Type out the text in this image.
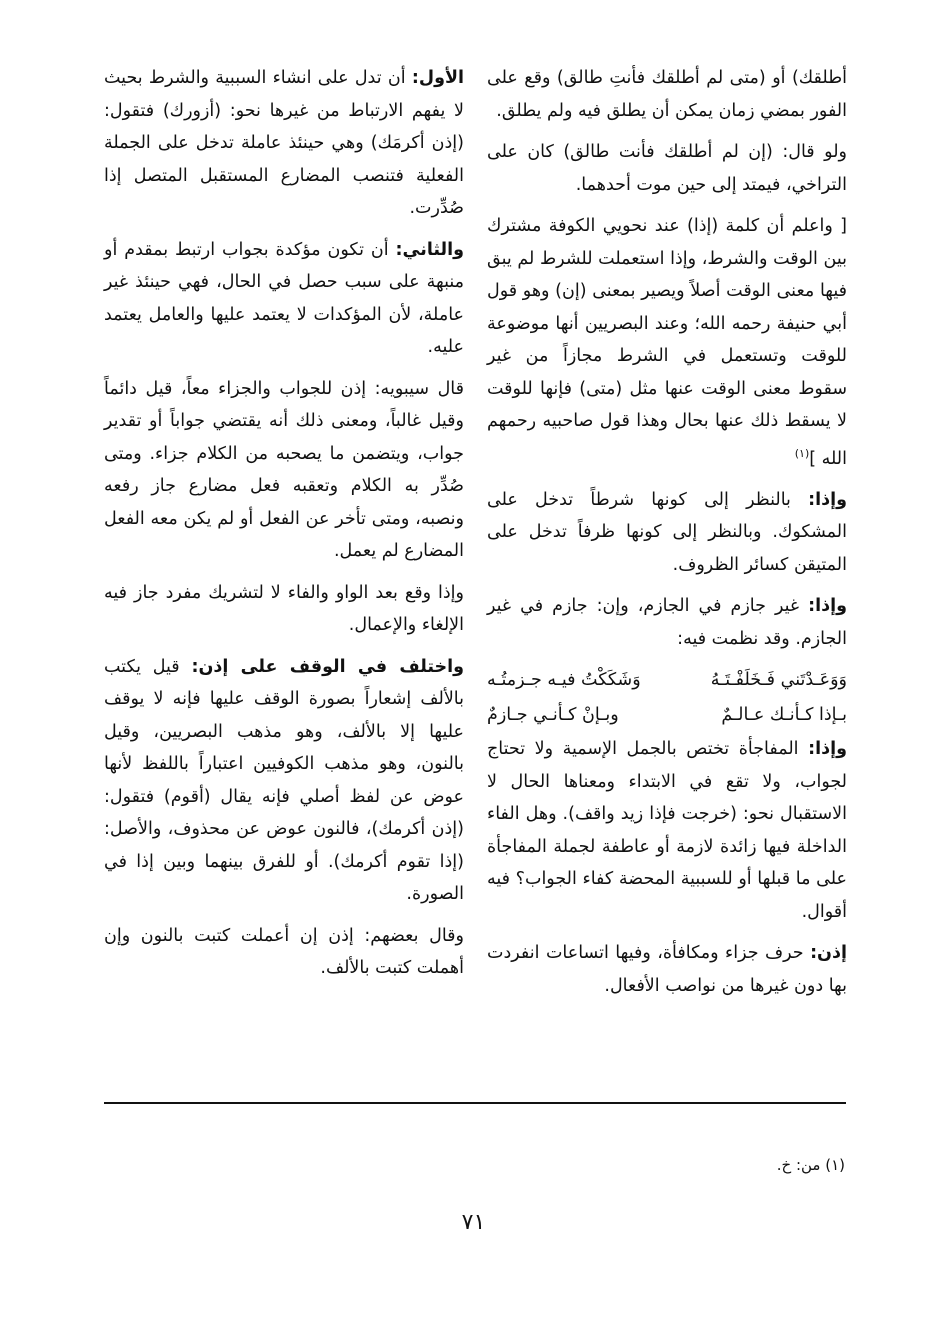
أطلقك) أو (متى لم أطلقك فأنتِ طالق) وقع على الفور بمضي زمان يمكن أن يطلق فيه ولم يطلق.

ولو قال: (إن لم أطلقك فأنت طالق) كان على التراخي، فيمتد إلى حين موت أحدهما.

[ واعلم أن كلمة (إذا) عند نحويي الكوفة مشترك بين الوقت والشرط، وإذا استعملت للشرط لم يبق فيها معنى الوقت أصلاً ويصير بمعنى (إن) وهو قول أبي حنيفة رحمه الله؛ وعند البصريين أنها موضوعة للوقت وتستعمل في الشرط مجازاً من غير سقوط معنى الوقت عنها مثل (متى) فإنها للوقت لا يسقط ذلك عنها بحال وهذا قول صاحبيه رحمهم الله ]$^{(١)}$

وإذا: بالنظر إلى كونها شرطاً تدخل على المشكوك. وبالنظر إلى كونها ظرفاً تدخل على المتيقن كسائر الظروف.

وإذا: غير جازم في الجازم، وإن: جازم في غير الجازم. وقد نظمت فيه:

وَوَعَـدْتَني فَـخَلَفْـتَـهُ
وَشَكَكْتُ فيـه جـزمتُـه
بـإذا كـأنـك عـالـمٌ
وبـإنْ كـأنـي جـازمٌ

وإذا: المفاجأة تختص بالجمل الإسمية ولا تحتاج لجواب، ولا تقع في الابتداء ومعناها الحال لا الاستقبال نحو: (خرجت فإذا زيد واقف). وهل الفاء الداخلة فيها زائدة لازمة أو عاطفة لجملة المفاجأة على ما قبلها أو للسببية المحضة كفاء الجواب؟ فيه أقوال.

إذن: حرف جزاء ومكافأة، وفيها اتساعات انفردت بها دون غيرها من نواصب الأفعال.

الأول: أن تدل على انشاء السببية والشرط بحيث لا يفهم الارتباط من غيرها نحو: (أزورك) فتقول: (إذن أكرمَك) وهي حينئذ عاملة تدخل على الجملة الفعلية فتنصب المضارع المستقبل المتصل إذا صُدِّرت.

والثاني: أن تكون مؤكدة بجواب ارتبط بمقدم أو منبهة على سبب حصل في الحال، فهي حينئذ غير عاملة، لأن المؤكدات لا يعتمد عليها والعامل يعتمد عليه.

قال سيبويه: إذن للجواب والجزاء معاً، قيل دائماً وقيل غالباً، ومعنى ذلك أنه يقتضي جواباً أو تقدير جواب، ويتضمن ما يصحبه من الكلام جزاء. ومتى صُدِّر به الكلام وتعقبه فعل مضارع جاز رفعه ونصبه، ومتى تأخر عن الفعل أو لم يكن معه الفعل المضارع لم يعمل.

وإذا وقع بعد الواو والفاء لا لتشريك مفرد جاز فيه الإلغاء والإعمال.

واختلف في الوقف على إذن: قيل يكتب بالألف إشعاراً بصورة الوقف عليها فإنه لا يوقف عليها إلا بالألف، وهو مذهب البصريين، وقيل بالنون، وهو مذهب الكوفيين اعتباراً باللفظ لأنها عوض عن لفظ أصلي فإنه يقال (أقوم) فتقول: (إذن أكرمك)، فالنون عوض عن محذوف، والأصل: (إذا تقوم أكرمك). أو للفرق بينهما وبين إذا في الصورة.

وقال بعضهم: إذن إن أعملت كتبت بالنون وإن أهملت كتبت بالألف.

(١) من: خ.
٧١
